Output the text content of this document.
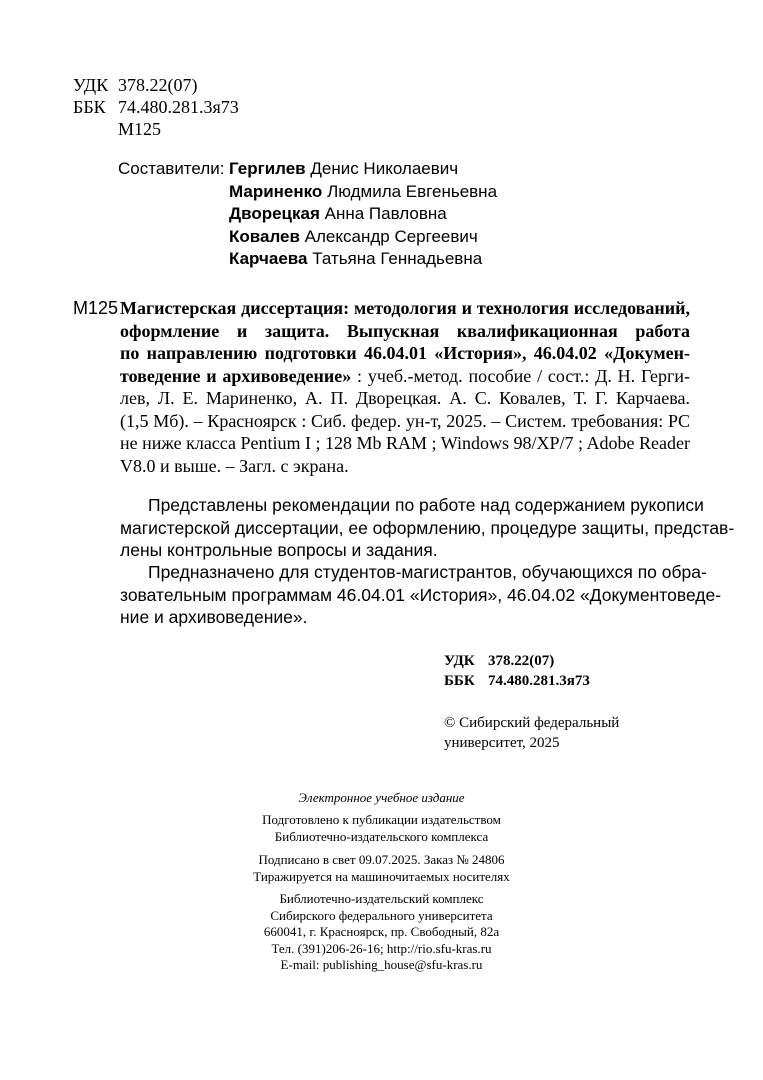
УДК 378.22(07)
ББК 74.480.281.3я73
М125
Составители: Гергилев Денис Николаевич
Мариненко Людмила Евгеньевна
Дворецкая Анна Павловна
Ковалев Александр Сергеевич
Карчаева Татьяна Геннадьевна
М125 Магистерская диссертация: методология и технология исследований,
оформление и защита. Выпускная квалификационная работа
по направлению подготовки 46.04.01 «История», 46.04.02 «Докумен-
товедение и архивоведение» : учеб.-метод. пособие / сост.: Д. Н. Герги-
лев, Л. Е. Мариненко, А. П. Дворецкая. А. С. Ковалев, Т. Г. Карчаева.
(1,5 Мб). – Красноярск : Сиб. федер. ун-т, 2025. – Систем. требования: PC
не ниже класса Pentium I ; 128 Mb RAM ; Windows 98/XP/7 ; Adobe Reader
V8.0 и выше. – Загл. с экрана.
Представлены рекомендации по работе над содержанием рукописи
магистерской диссертации, ее оформлению, процедуре защиты, представ-
лены контрольные вопросы и задания.
Предназначено для студентов-магистрантов, обучающихся по обра-
зовательным программам 46.04.01 «История», 46.04.02 «Документоведе-
ние и архивоведение».
УДК 378.22(07)
ББК 74.480.281.3я73
© Сибирский федеральный
университет, 2025
Электронное учебное издание
Подготовлено к публикации издательством
Библиотечно-издательского комплекса
Подписано в свет 09.07.2025. Заказ № 24806
Тиражируется на машиночитаемых носителях
Библиотечно-издательский комплекс
Сибирского федерального университета
660041, г. Красноярск, пр. Свободный, 82а
Тел. (391)206-26-16; http://rio.sfu-kras.ru
E-mail: publishing_house@sfu-kras.ru
